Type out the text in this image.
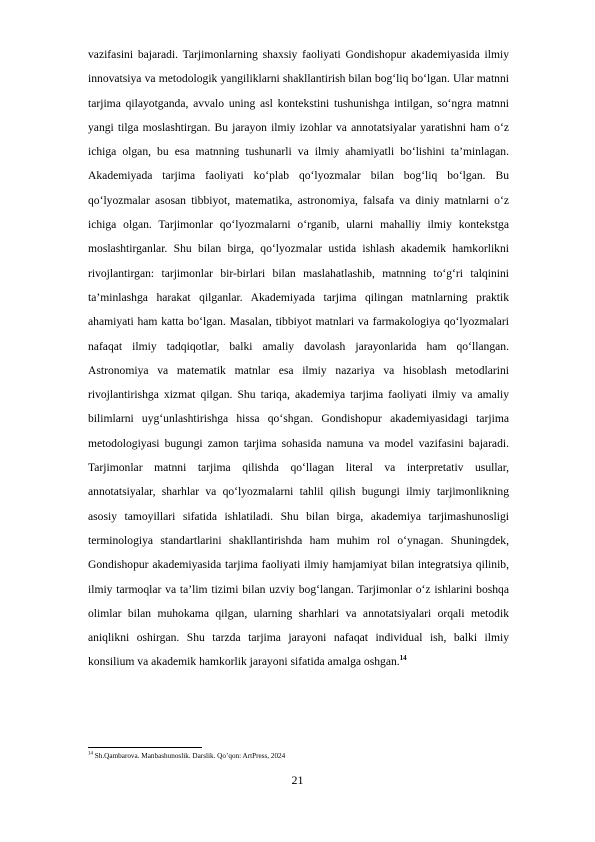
vazifasini bajaradi. Tarjimonlarning shaxsiy faoliyati Gondishopur akademiyasida ilmiy innovatsiya va metodologik yangiliklarni shakllantirish bilan bog‘liq bo‘lgan. Ular matnni tarjima qilayotganda, avvalo uning asl kontekstini tushunishga intilgan, so‘ngra matnni yangi tilga moslashtirgan. Bu jarayon ilmiy izohlar va annotatsiyalar yaratishni ham o‘z ichiga olgan, bu esa matnning tushunarli va ilmiy ahamiyatli bo‘lishini ta’minlagan. Akademiyada tarjima faoliyati ko‘plab qo‘lyozmalar bilan bog‘liq bo‘lgan. Bu qo‘lyozmalar asosan tibbiyot, matematika, astronomiya, falsafa va diniy matnlarni o‘z ichiga olgan. Tarjimonlar qo‘lyozmalarni o‘rganib, ularni mahalliy ilmiy kontekstga moslashtirganlar. Shu bilan birga, qo‘lyozmalar ustida ishlash akademik hamkorlikni rivojlantirgan: tarjimonlar bir-birlari bilan maslahatlashib, matnning to‘g‘ri talqinini ta’minlashga harakat qilganlar. Akademiyada tarjima qilingan matnlarning praktik ahamiyati ham katta bo‘lgan. Masalan, tibbiyot matnlari va farmakologiya qo‘lyozmalari nafaqat ilmiy tadqiqotlar, balki amaliy davolash jarayonlarida ham qo‘llangan. Astronomiya va matematik matnlar esa ilmiy nazariya va hisoblash metodlarini rivojlantirishga xizmat qilgan. Shu tariqa, akademiya tarjima faoliyati ilmiy va amaliy bilimlarni uyg‘unlashtirishga hissa qo‘shgan. Gondishopur akademiyasidagi tarjima metodologiyasi bugungi zamon tarjima sohasida namuna va model vazifasini bajaradi. Tarjimonlar matnni tarjima qilishda qo‘llagan literal va interpretativ usullar, annotatsiyalar, sharhlar va qo‘lyozmalarni tahlil qilish bugungi ilmiy tarjimonlikning asosiy tamoyillari sifatida ishlatiladi. Shu bilan birga, akademiya tarjimashunosligi terminologiya standartlarini shakllantirishda ham muhim rol o‘ynagan. Shuningdek, Gondishopur akademiyasida tarjima faoliyati ilmiy hamjamiyat bilan integratsiya qilinib, ilmiy tarmoqlar va ta’lim tizimi bilan uzviy bog‘langan. Tarjimonlar o‘z ishlarini boshqa olimlar bilan muhokama qilgan, ularning sharhlari va annotatsiyalari orqali metodik aniqlikni oshirgan. Shu tarzda tarjima jarayoni nafaqat individual ish, balki ilmiy konsilium va akademik hamkorlik jarayoni sifatida amalga oshgan.$^{14}$

$^{14}$ Sh.Qambarova. Manbashunoslik. Darslik. Qo’qon: ArtPress, 2024

21
